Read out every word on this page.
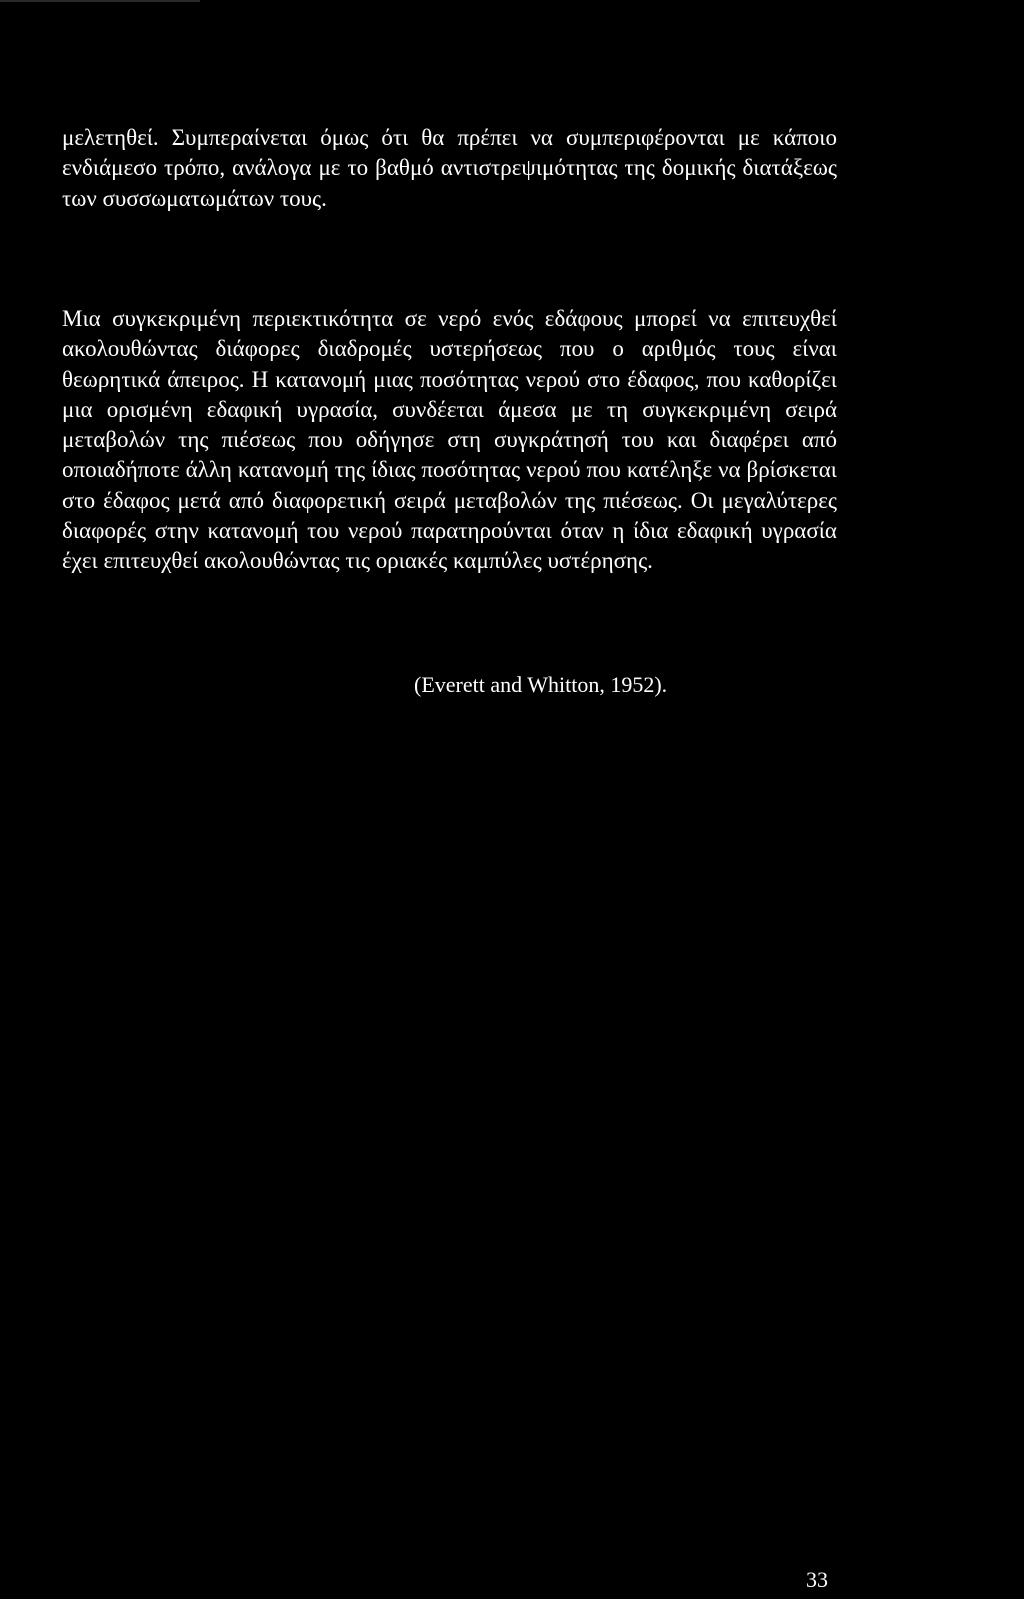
μελετηθεί. Συμπεραίνεται όμως ότι θα πρέπει να συμπεριφέρονται με κάποιο ενδιάμεσο τρόπο, ανάλογα με το βαθμό αντιστρεψιμότητας της δομικής διατάξεως των συσσωματωμάτων τους.

Μια συγκεκριμένη περιεκτικότητα σε νερό ενός εδάφους μπορεί να επιτευχθεί ακολουθώντας διάφορες διαδρομές υστερήσεως που ο αριθμός τους είναι θεωρητικά άπειρος. Η κατανομή μιας ποσότητας νερού στο έδαφος, που καθορίζει μια ορισμένη εδαφική υγρασία, συνδέεται άμεσα με τη συγκεκριμένη σειρά μεταβολών της πιέσεως που οδήγησε στη συγκράτησή του και διαφέρει από οποιαδήποτε άλλη κατανομή της ίδιας ποσότητας νερού που κατέληξε να βρίσκεται στο έδαφος μετά από διαφορετική σειρά μεταβολών της πιέσεως. Οι μεγαλύτερες διαφορές στην κατανομή του νερού παρατηρούνται όταν η ίδια εδαφική υγρασία έχει επιτευχθεί ακολουθώντας τις οριακές καμπύλες υστέρησης.

(Everett and Whitton, 1952).

33
